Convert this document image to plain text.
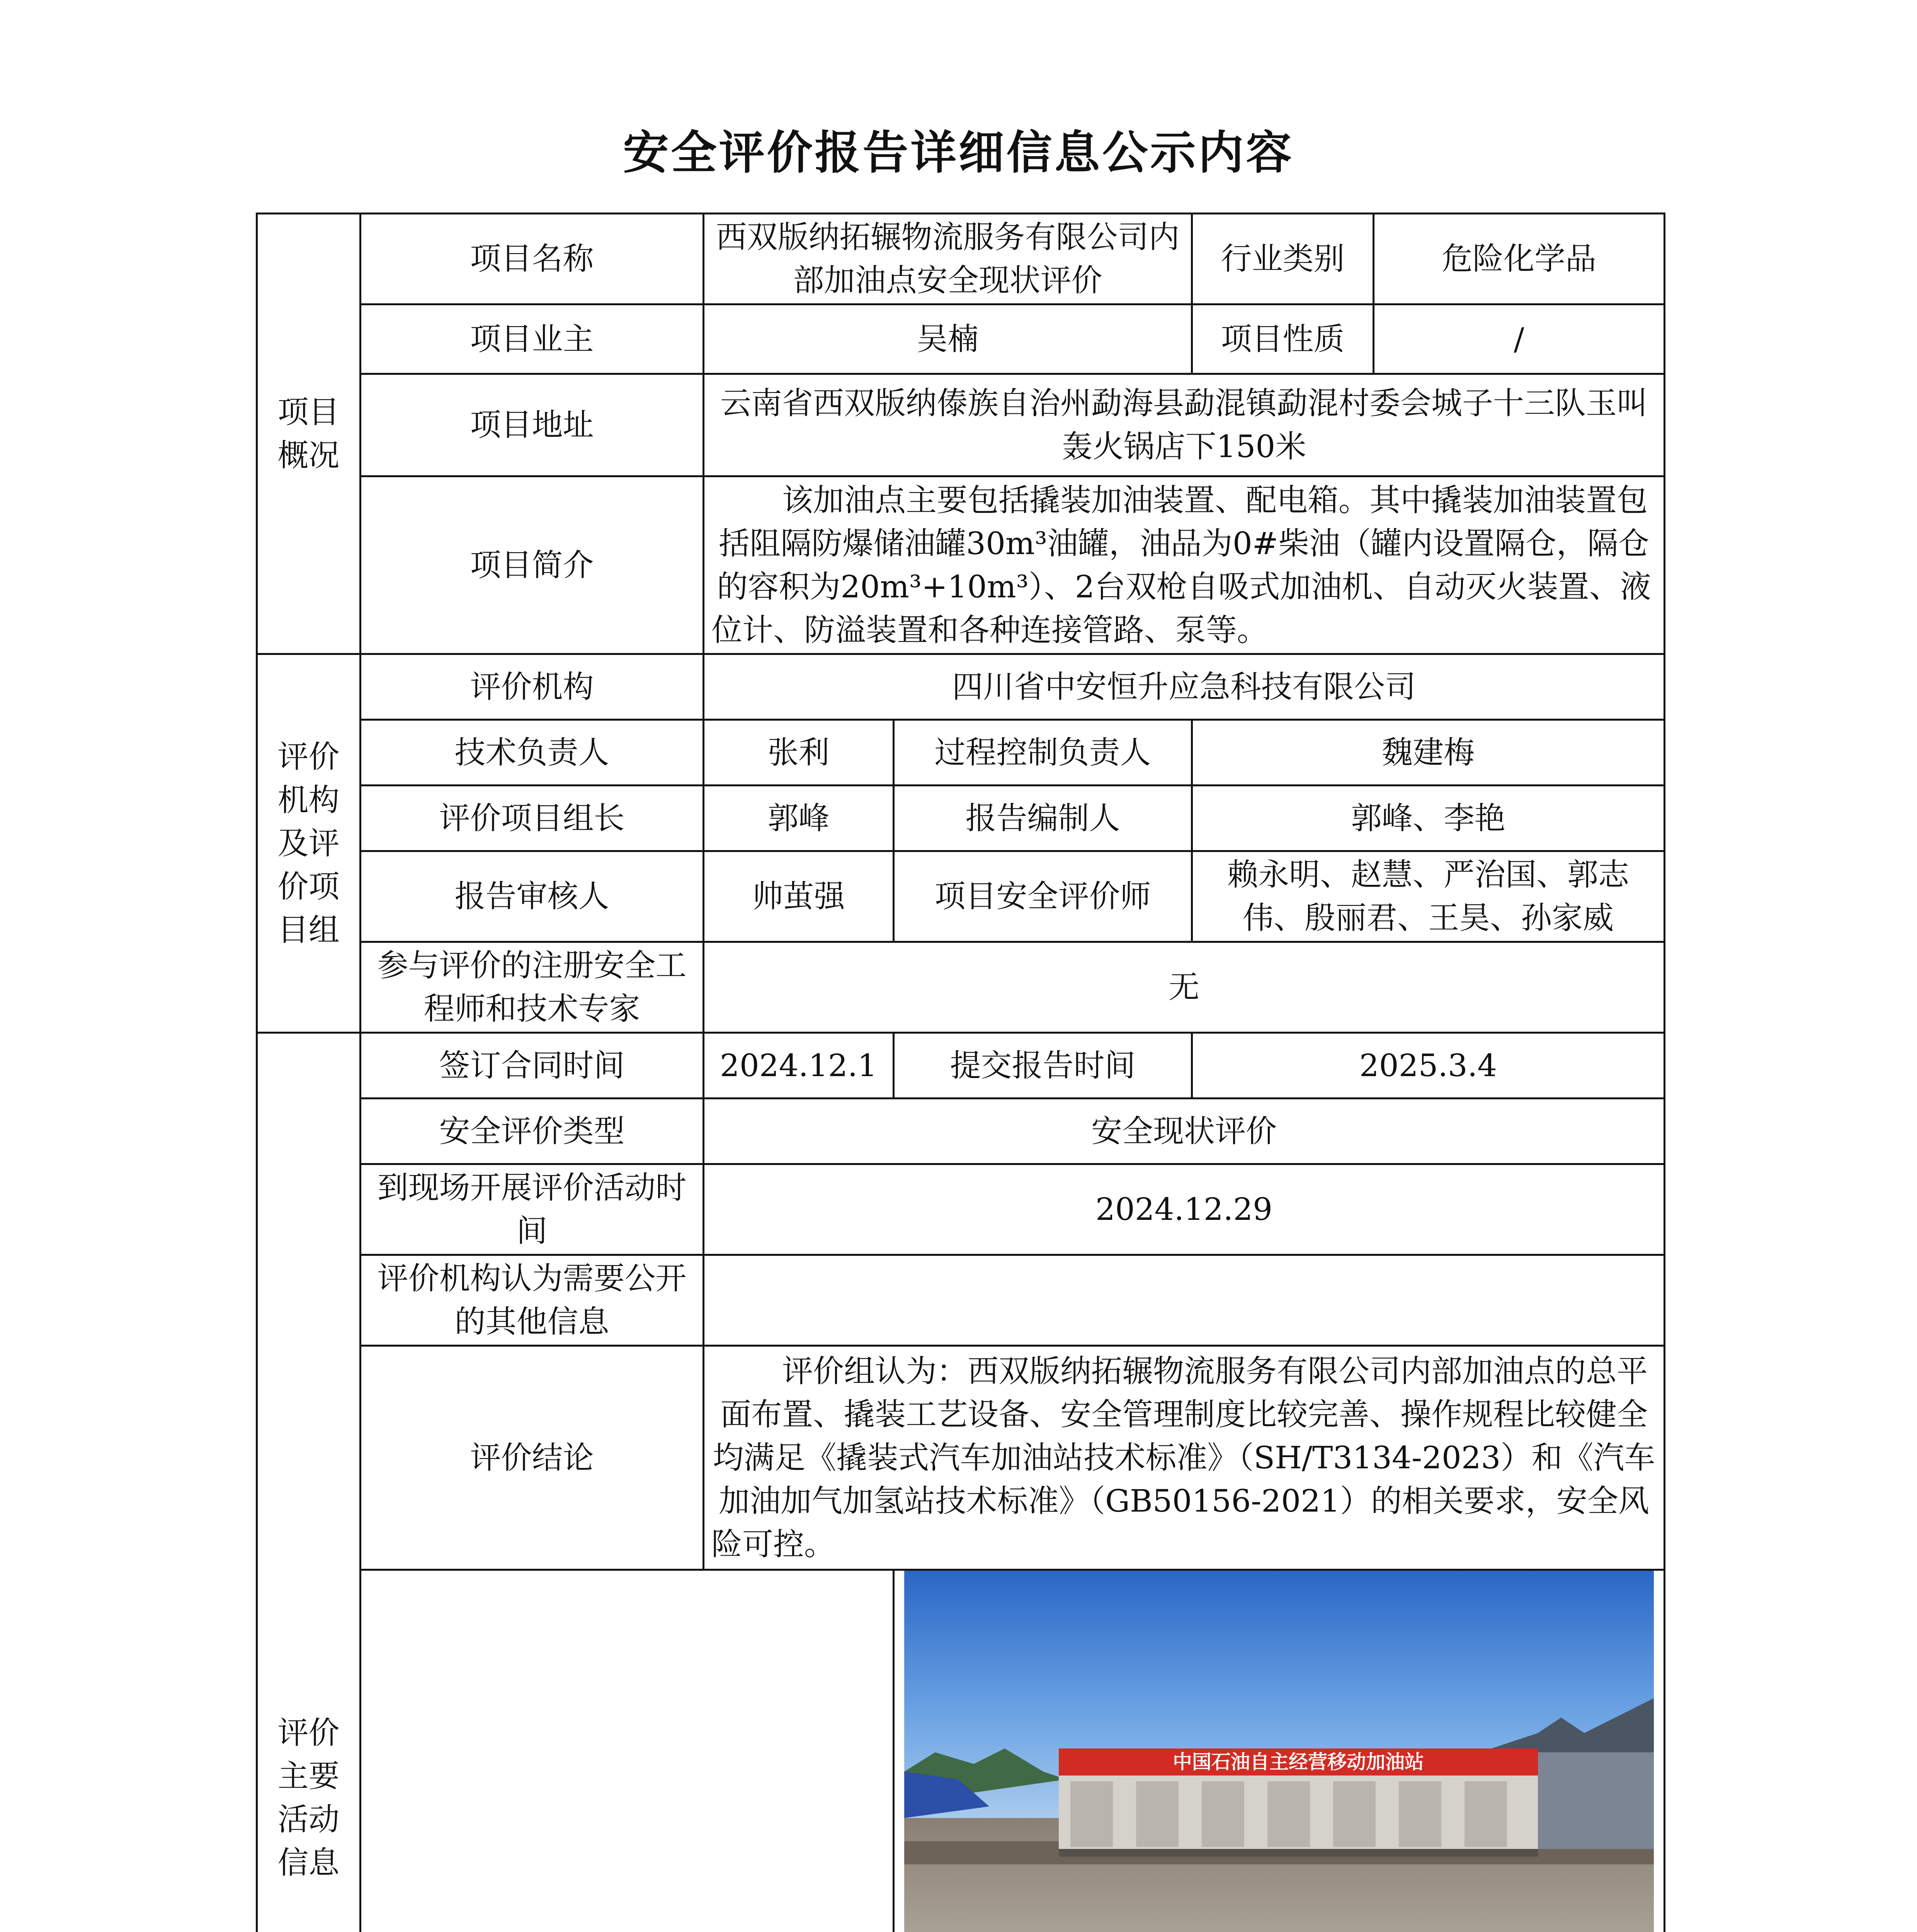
安全评价报告详细信息公示内容
项目
概况	项目名称	西双版纳拓辗物流服务有限公司内部加油点安全现状评价		行业类别	危险化学品
	项目业主	吴楠		项目性质	/
	项目地址	云南省西双版纳傣族自治州勐海县勐混镇勐混村委会城子十三队玉叫轰火锅店下150米			
	项目简介	该加油点主要包括撬装加油装置、配电箱。其中撬装加油装置包括阻隔防爆储油罐30m³油罐，油品为0#柴油（罐内设置隔仓，隔仓的容积为20m³+10m³）、2台双枪自吸式加油机、自动灭火装置、液位计、防溢装置和各种连接管路、泵等。			
评价
机构
及评
价项
目组	评价机构	四川省中安恒升应急科技有限公司			
	技术负责人	张利	过程控制负责人	魏建梅	
	评价项目组长	郭峰	报告编制人	郭峰、李艳	
	报告审核人	帅茧强	项目安全评价师	赖永明、赵慧、严治国、郭志伟、殷丽君、王昊、孙家威	
	参与评价的注册安全工程师和技术专家	无			
评价
主要
活动
信息	签订合同时间	2024.12.1	提交报告时间	2025.3.4	
	安全评价类型	安全现状评价			
	到现场开展评价活动时间	2024.12.29			
	评价机构认为需要公开的其他信息				
	评价结论	评价组认为：西双版纳拓辗物流服务有限公司内部加油点的总平面布置、撬装工艺设备、安全管理制度比较完善、操作规程比较健全均满足《撬装式汽车加油站技术标准》（SH/T3134-2023）和《汽车加油加气加氢站技术标准》（GB50156-2021）的相关要求，安全风险可控。			

中国石油自主经营移动加油站		
